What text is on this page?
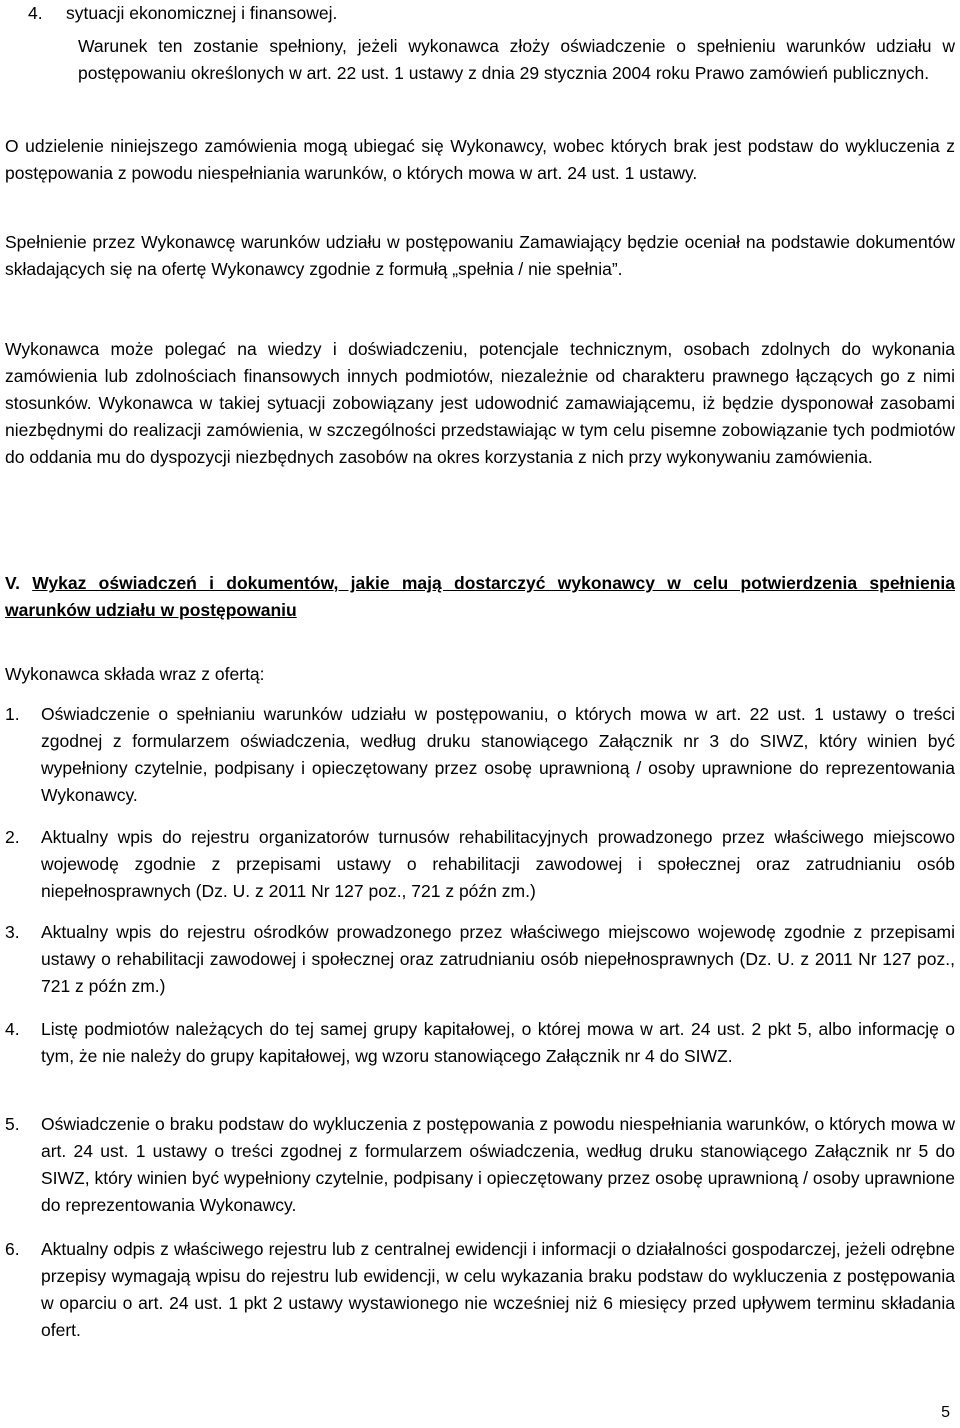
4. sytuacji ekonomicznej i finansowej.
Warunek ten zostanie spełniony, jeżeli wykonawca złoży oświadczenie o spełnieniu warunków udziału w postępowaniu określonych w art. 22 ust. 1 ustawy z dnia 29 stycznia 2004 roku Prawo zamówień publicznych.
O udzielenie niniejszego zamówienia mogą ubiegać się Wykonawcy, wobec których brak jest podstaw do wykluczenia z postępowania z powodu niespełniania warunków, o których mowa w art. 24 ust. 1 ustawy.
Spełnienie przez Wykonawcę warunków udziału w postępowaniu Zamawiający będzie oceniał na podstawie dokumentów składających się na ofertę Wykonawcy zgodnie z formułą „spełnia / nie spełnia”.
Wykonawca może polegać na wiedzy i doświadczeniu, potencjale technicznym, osobach zdolnych do wykonania zamówienia lub zdolnościach finansowych innych podmiotów, niezależnie od charakteru prawnego łączących go z nimi stosunków. Wykonawca w takiej sytuacji zobowiązany jest udowodnić zamawiającemu, iż będzie dysponował zasobami niezbędnymi do realizacji zamówienia, w szczególności przedstawiając w tym celu pisemne zobowiązanie tych podmiotów do oddania mu do dyspozycji niezbędnych zasobów na okres korzystania z nich przy wykonywaniu zamówienia.
V. Wykaz oświadczeń i dokumentów, jakie mają dostarczyć wykonawcy w celu potwierdzenia spełnienia warunków udziału w postępowaniu
Wykonawca składa wraz z ofertą:
1. Oświadczenie o spełnianiu warunków udziału w postępowaniu, o których mowa w art. 22 ust. 1 ustawy o treści zgodnej z formularzem oświadczenia, według druku stanowiącego Załącznik nr 3 do SIWZ, który winien być wypełniony czytelnie, podpisany i opieczętowany przez osobę uprawnioną / osoby uprawnione do reprezentowania Wykonawcy.
2. Aktualny wpis do rejestru organizatorów turnusów rehabilitacyjnych prowadzonego przez właściwego miejscowo wojewodę zgodnie z przepisami ustawy o rehabilitacji zawodowej i społecznej oraz zatrudnianiu osób niepełnosprawnych (Dz. U. z 2011 Nr 127 poz., 721 z późn zm.)
3. Aktualny wpis do rejestru ośrodków prowadzonego przez właściwego miejscowo wojewodę zgodnie z przepisami ustawy o rehabilitacji zawodowej i społecznej oraz zatrudnianiu osób niepełnosprawnych (Dz. U. z 2011 Nr 127 poz., 721 z późn zm.)
4. Listę podmiotów należących do tej samej grupy kapitałowej, o której mowa w art. 24 ust. 2 pkt 5, albo informację o tym, że nie należy do grupy kapitałowej, wg wzoru stanowiącego Załącznik nr 4 do SIWZ.
5. Oświadczenie o braku podstaw do wykluczenia z postępowania z powodu niespełniania warunków, o których mowa w art. 24 ust. 1 ustawy o treści zgodnej z formularzem oświadczenia, według druku stanowiącego Załącznik nr 5 do SIWZ, który winien być wypełniony czytelnie, podpisany i opieczętowany przez osobę uprawnioną / osoby uprawnione do reprezentowania Wykonawcy.
6. Aktualny odpis z właściwego rejestru lub z centralnej ewidencji i informacji o działalności gospodarczej, jeżeli odrębne przepisy wymagają wpisu do rejestru lub ewidencji, w celu wykazania braku podstaw do wykluczenia z postępowania w oparciu o art. 24 ust. 1 pkt 2 ustawy wystawionego nie wcześniej niż 6 miesięcy przed upływem terminu składania ofert.
5
